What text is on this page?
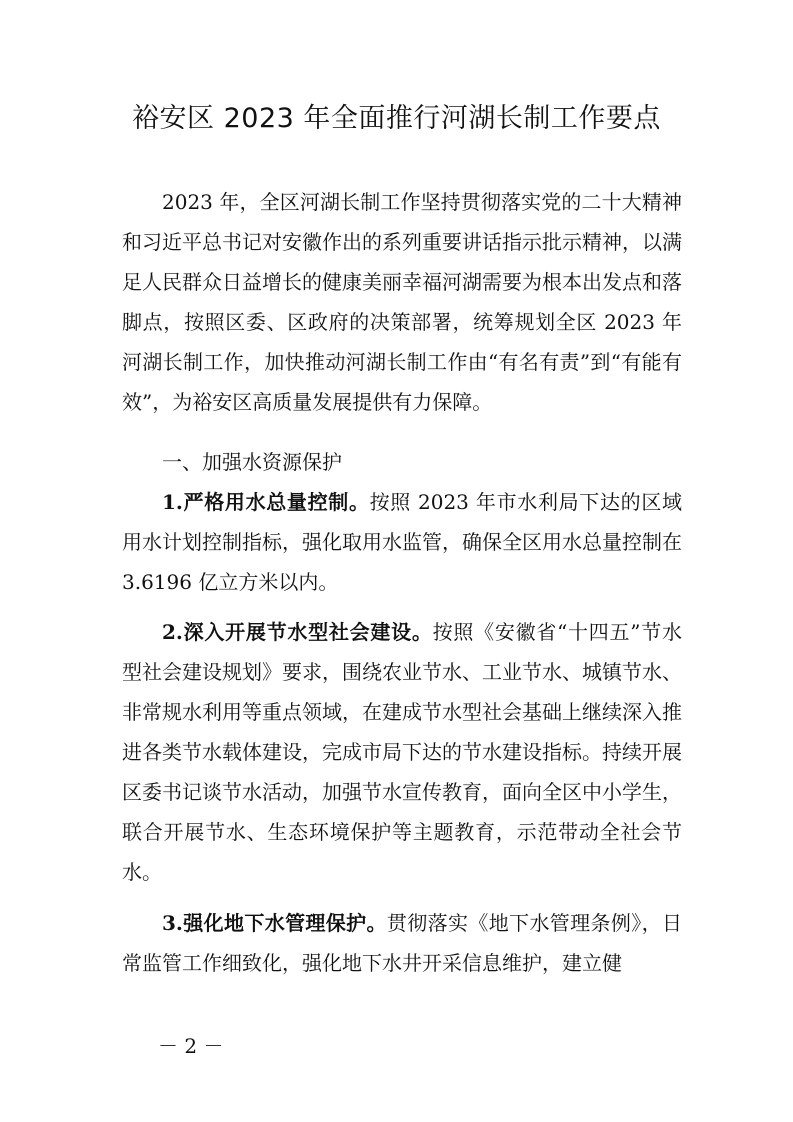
裕安区 2023 年全面推行河湖长制工作要点

2023 年，全区河湖长制工作坚持贯彻落实党的二十大精神和习近平总书记对安徽作出的系列重要讲话指示批示精神，以满足人民群众日益增长的健康美丽幸福河湖需要为根本出发点和落脚点，按照区委、区政府的决策部署，统筹规划全区 2023 年河湖长制工作，加快推动河湖长制工作由“有名有责”到“有能有效”，为裕安区高质量发展提供有力保障。

一、加强水资源保护

1.严格用水总量控制。按照 2023 年市水利局下达的区域用水计划控制指标，强化取用水监管，确保全区用水总量控制在 3.6196 亿立方米以内。

2.深入开展节水型社会建设。按照《安徽省“十四五”节水型社会建设规划》要求，围绕农业节水、工业节水、城镇节水、非常规水利用等重点领域，在建成节水型社会基础上继续深入推进各类节水载体建设，完成市局下达的节水建设指标。持续开展区委书记谈节水活动，加强节水宣传教育，面向全区中小学生，联合开展节水、生态环境保护等主题教育，示范带动全社会节水。

3.强化地下水管理保护。贯彻落实《地下水管理条例》，日常监管工作细致化，强化地下水井开采信息维护，建立健

－ 2 －
